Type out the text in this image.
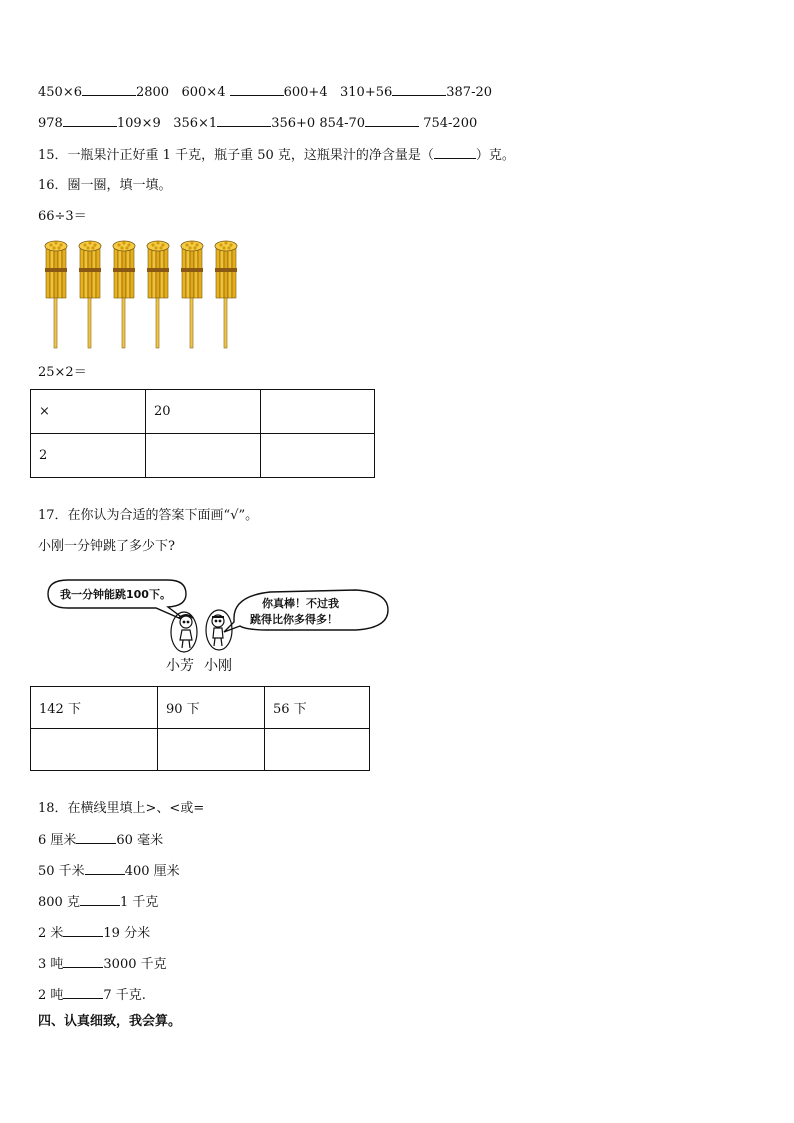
450×6	2800 600×4	600+4 310+56	387-20
978	109×9 356×1	356+0 854-70	754-200
15．一瓶果汁正好重 1 千克，瓶子重 50 克，这瓶果汁的净含量是（	）克。
16．圈一圈，填一填。
66÷3＝
25×2＝
×	20	
2		
17．在你认为合适的答案下面画“√”。
小刚一分钟跳了多少下?
我一分钟能跳100下。
你真棒！不过我
跳得比你多得多！
小芳 小刚
142 下	90 下	56 下

18．在横线里填上>、<或=
6 厘米	60 毫米
50 千米	400 厘米
800 克	1 千克
2 米	19 分米
3 吨	3000 千克
2 吨	7 千克.
四、认真细致，我会算。
